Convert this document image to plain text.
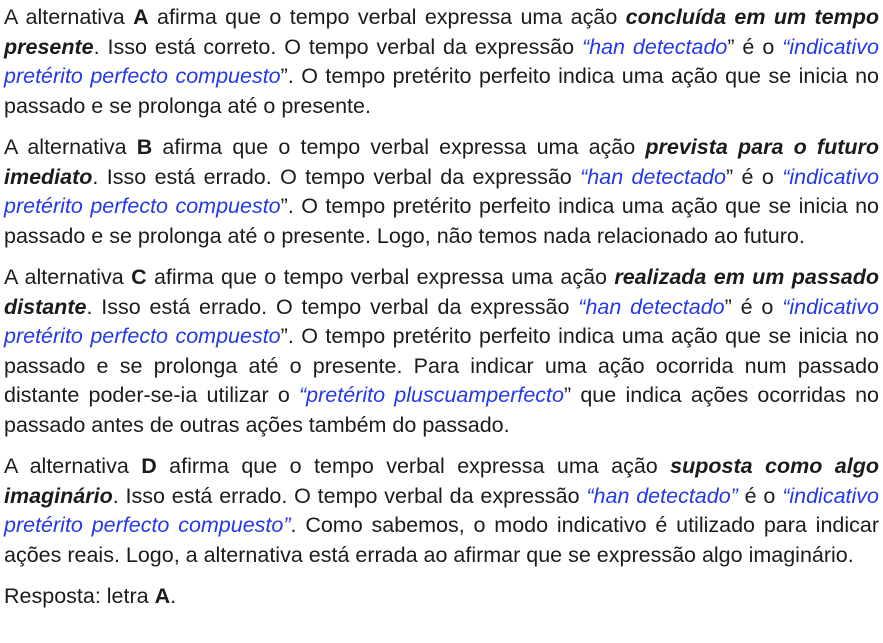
A alternativa A afirma que o tempo verbal expressa uma ação concluída em um tempo presente. Isso está correto. O tempo verbal da expressão “han detectado” é o “indicativo pretérito perfecto compuesto”. O tempo pretérito perfeito indica uma ação que se inicia no passado e se prolonga até o presente.

A alternativa B afirma que o tempo verbal expressa uma ação prevista para o futuro imediato. Isso está errado. O tempo verbal da expressão “han detectado” é o “indicativo pretérito perfecto compuesto”. O tempo pretérito perfeito indica uma ação que se inicia no passado e se prolonga até o presente. Logo, não temos nada relacionado ao futuro.

A alternativa C afirma que o tempo verbal expressa uma ação realizada em um passado distante. Isso está errado. O tempo verbal da expressão “han detectado” é o “indicativo pretérito perfecto compuesto”. O tempo pretérito perfeito indica uma ação que se inicia no passado e se prolonga até o presente. Para indicar uma ação ocorrida num passado distante poder-se-ia utilizar o “pretérito pluscuamperfecto” que indica ações ocorridas no passado antes de outras ações também do passado.

A alternativa D afirma que o tempo verbal expressa uma ação suposta como algo imaginário. Isso está errado. O tempo verbal da expressão “han detectado” é o “indicativo pretérito perfecto compuesto”. Como sabemos, o modo indicativo é utilizado para indicar ações reais. Logo, a alternativa está errada ao afirmar que se expressão algo imaginário.

Resposta: letra A.
